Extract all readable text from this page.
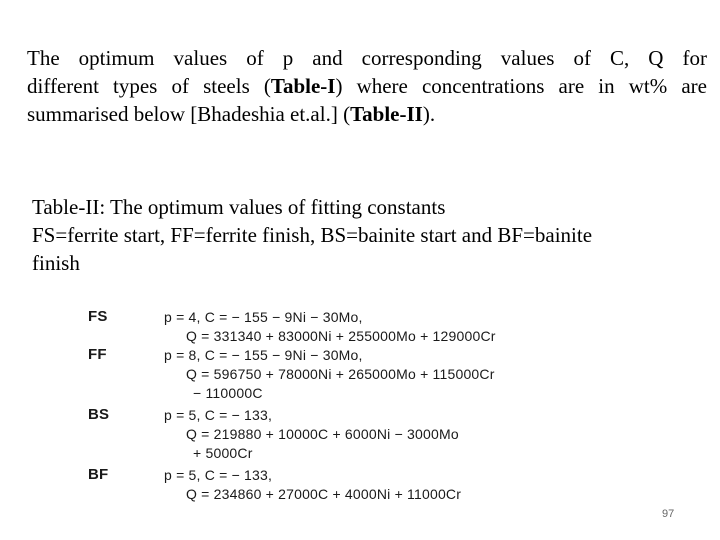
The optimum values of p and corresponding values of C, Q for
different types of steels (Table-I) where concentrations are in wt% are
summarised below [Bhadeshia et.al.] (Table-II).
Table-II: The optimum values of fitting constants
FS=ferrite start, FF=ferrite finish, BS=bainite start and BF=bainite
finish
FS	p = 4, C = − 155 − 9Ni − 30Mo,
Q = 331340 + 83000Ni + 255000Mo + 129000Cr
FF	p = 8, C = − 155 − 9Ni − 30Mo,
Q = 596750 + 78000Ni + 265000Mo + 115000Cr
− 110000C
BS	p = 5, C = − 133,
Q = 219880 + 10000C + 6000Ni − 3000Mo
+ 5000Cr
BF	p = 5, C = − 133,
Q = 234860 + 27000C + 4000Ni + 11000Cr
97
